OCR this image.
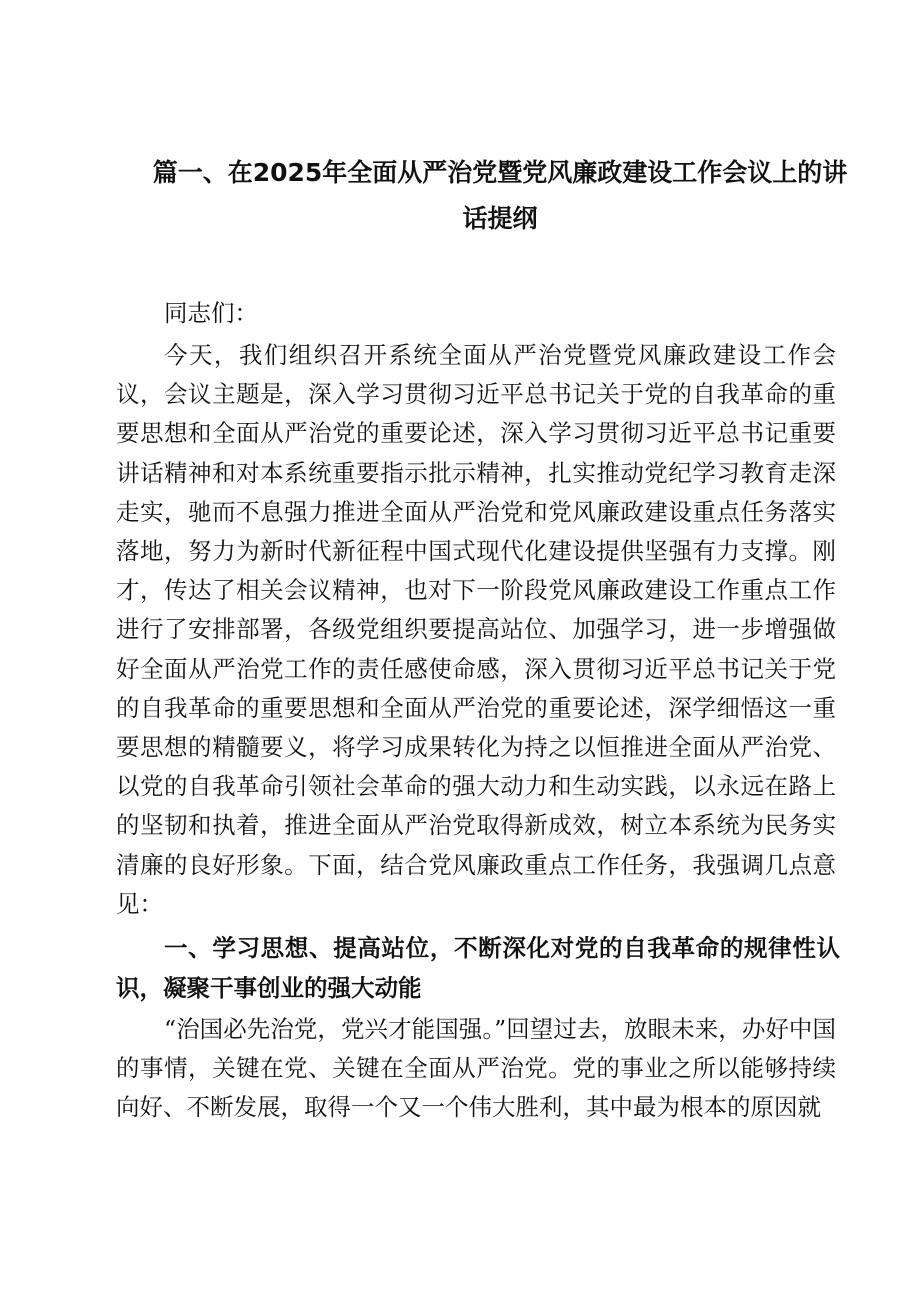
篇一、在2025年全面从严治党暨党风廉政建设工作会议上的讲话提纲
同志们：
今天，我们组织召开系统全面从严治党暨党风廉政建设工作会议，会议主题是，深入学习贯彻习近平总书记关于党的自我革命的重要思想和全面从严治党的重要论述，深入学习贯彻习近平总书记重要讲话精神和对本系统重要指示批示精神，扎实推动党纪学习教育走深走实，驰而不息强力推进全面从严治党和党风廉政建设重点任务落实落地，努力为新时代新征程中国式现代化建设提供坚强有力支撑。刚才，传达了相关会议精神，也对下一阶段党风廉政建设工作重点工作进行了安排部署，各级党组织要提高站位、加强学习，进一步增强做好全面从严治党工作的责任感使命感，深入贯彻习近平总书记关于党的自我革命的重要思想和全面从严治党的重要论述，深学细悟这一重要思想的精髓要义，将学习成果转化为持之以恒推进全面从严治党、以党的自我革命引领社会革命的强大动力和生动实践，以永远在路上的坚韧和执着，推进全面从严治党取得新成效，树立本系统为民务实清廉的良好形象。下面，结合党风廉政重点工作任务，我强调几点意见：
一、学习思想、提高站位，不断深化对党的自我革命的规律性认识，凝聚干事创业的强大动能
“治国必先治党，党兴才能国强。”回望过去，放眼未来，办好中国的事情，关键在党、关键在全面从严治党。党的事业之所以能够持续向好、不断发展，取得一个又一个伟大胜利，其中最为根本的原因就
